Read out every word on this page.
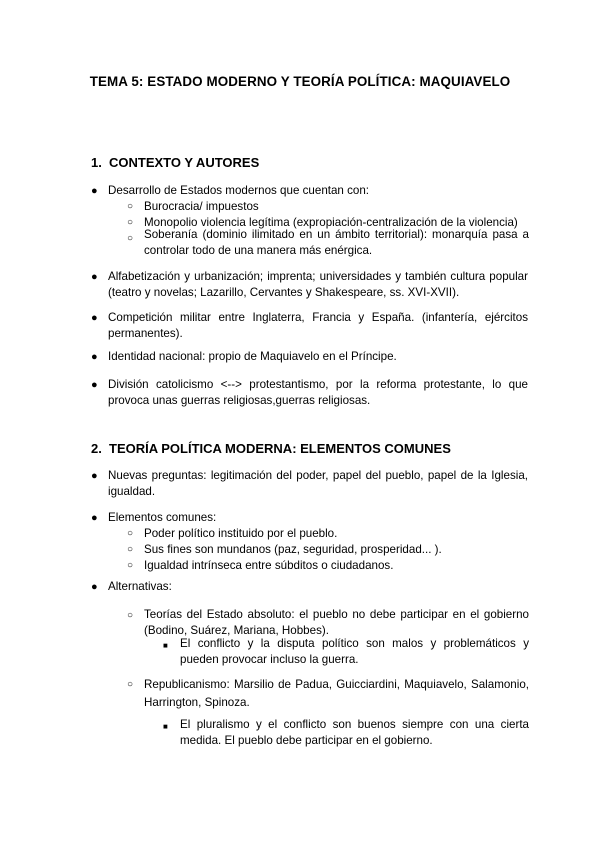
TEMA 5: ESTADO MODERNO Y TEORÍA POLÍTICA: MAQUIAVELO
1. CONTEXTO Y AUTORES
● Desarrollo de Estados modernos que cuentan con:
○ Burocracia/ impuestos
○ Monopolio violencia legítima (expropiación-centralización de la violencia)
○ Soberanía (dominio ilimitado en un ámbito territorial): monarquía pasa a controlar todo de una manera más enérgica.
● Alfabetización y urbanización; imprenta; universidades y también cultura popular (teatro y novelas; Lazarillo, Cervantes y Shakespeare, ss. XVI-XVII).
● Competición militar entre Inglaterra, Francia y España. (infantería, ejércitos permanentes).
● Identidad nacional: propio de Maquiavelo en el Príncipe.
● División catolicismo <--> protestantismo, por la reforma protestante, lo que provoca unas guerras religiosas,guerras religiosas.
2. TEORÍA POLÍTICA MODERNA: ELEMENTOS COMUNES
● Nuevas preguntas: legitimación del poder, papel del pueblo, papel de la Iglesia, igualdad.
● Elementos comunes:
○ Poder político instituido por el pueblo.
○ Sus fines son mundanos (paz, seguridad, prosperidad... ).
○ Igualdad intrínseca entre súbditos o ciudadanos.
● Alternativas:
○ Teorías del Estado absoluto: el pueblo no debe participar en el gobierno (Bodino, Suárez, Mariana, Hobbes).
■ El conflicto y la disputa político son malos y problemáticos y pueden provocar incluso la guerra.
○ Republicanismo: Marsilio de Padua, Guicciardini, Maquiavelo, Salamonio, Harrington, Spinoza.
■ El pluralismo y el conflicto son buenos siempre con una cierta medida. El pueblo debe participar en el gobierno.
